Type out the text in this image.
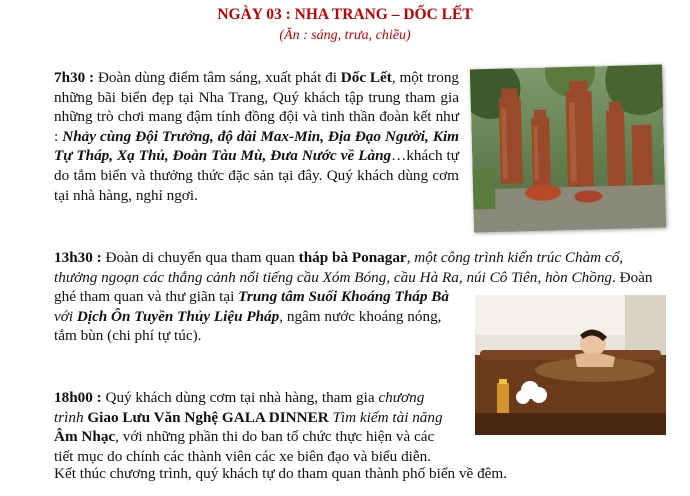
NGÀY 03 : NHA TRANG – DỐC LẾT
(Ăn : sáng, trưa, chiều)

7h30 : Đoàn dùng điểm tâm sáng, xuất phát đi Dốc Lết, một trong những bãi biển đẹp tại Nha Trang, Quý khách tập trung tham gia những trò chơi mang đậm tính đồng đội và tinh thần đoàn kết như : Nhảy cùng Đội Trưởng, độ dài Max-Min, Địa Đạo Người, Kim Tự Tháp, Xạ Thủ, Đoàn Tàu Mù, Đưa Nước về Làng…khách tự do tắm biển và thưởng thức đặc sản tại đây. Quý khách dùng cơm tại nhà hàng, nghỉ ngơi.

13h30 : Đoàn di chuyển qua tham quan tháp bà Ponagar, một công trình kiến trúc Chàm cổ, thưởng ngoạn các thắng cảnh nổi tiếng cầu Xóm Bóng, cầu Hà Ra, núi Cô Tiên, hòn Chồng. Đoàn ghé tham quan và thư giãn tại Trung tâm Suối Khoáng Tháp Bà với Dịch Ôn Tuyền Thủy Liệu Pháp, ngâm nước khoáng nóng, tắm bùn (chi phí tự túc).

18h00 : Quý khách dùng cơm tại nhà hàng, tham gia chương trình Giao Lưu Văn Nghệ GALA DINNER Tìm kiếm tài năng Âm Nhạc, với những phần thi do ban tổ chức thực hiện và các tiết mục do chính các thành viên các xe biên đạo và biểu diễn.

Kết thúc chương trình, quý khách tự do tham quan thành phố biển về đêm.
